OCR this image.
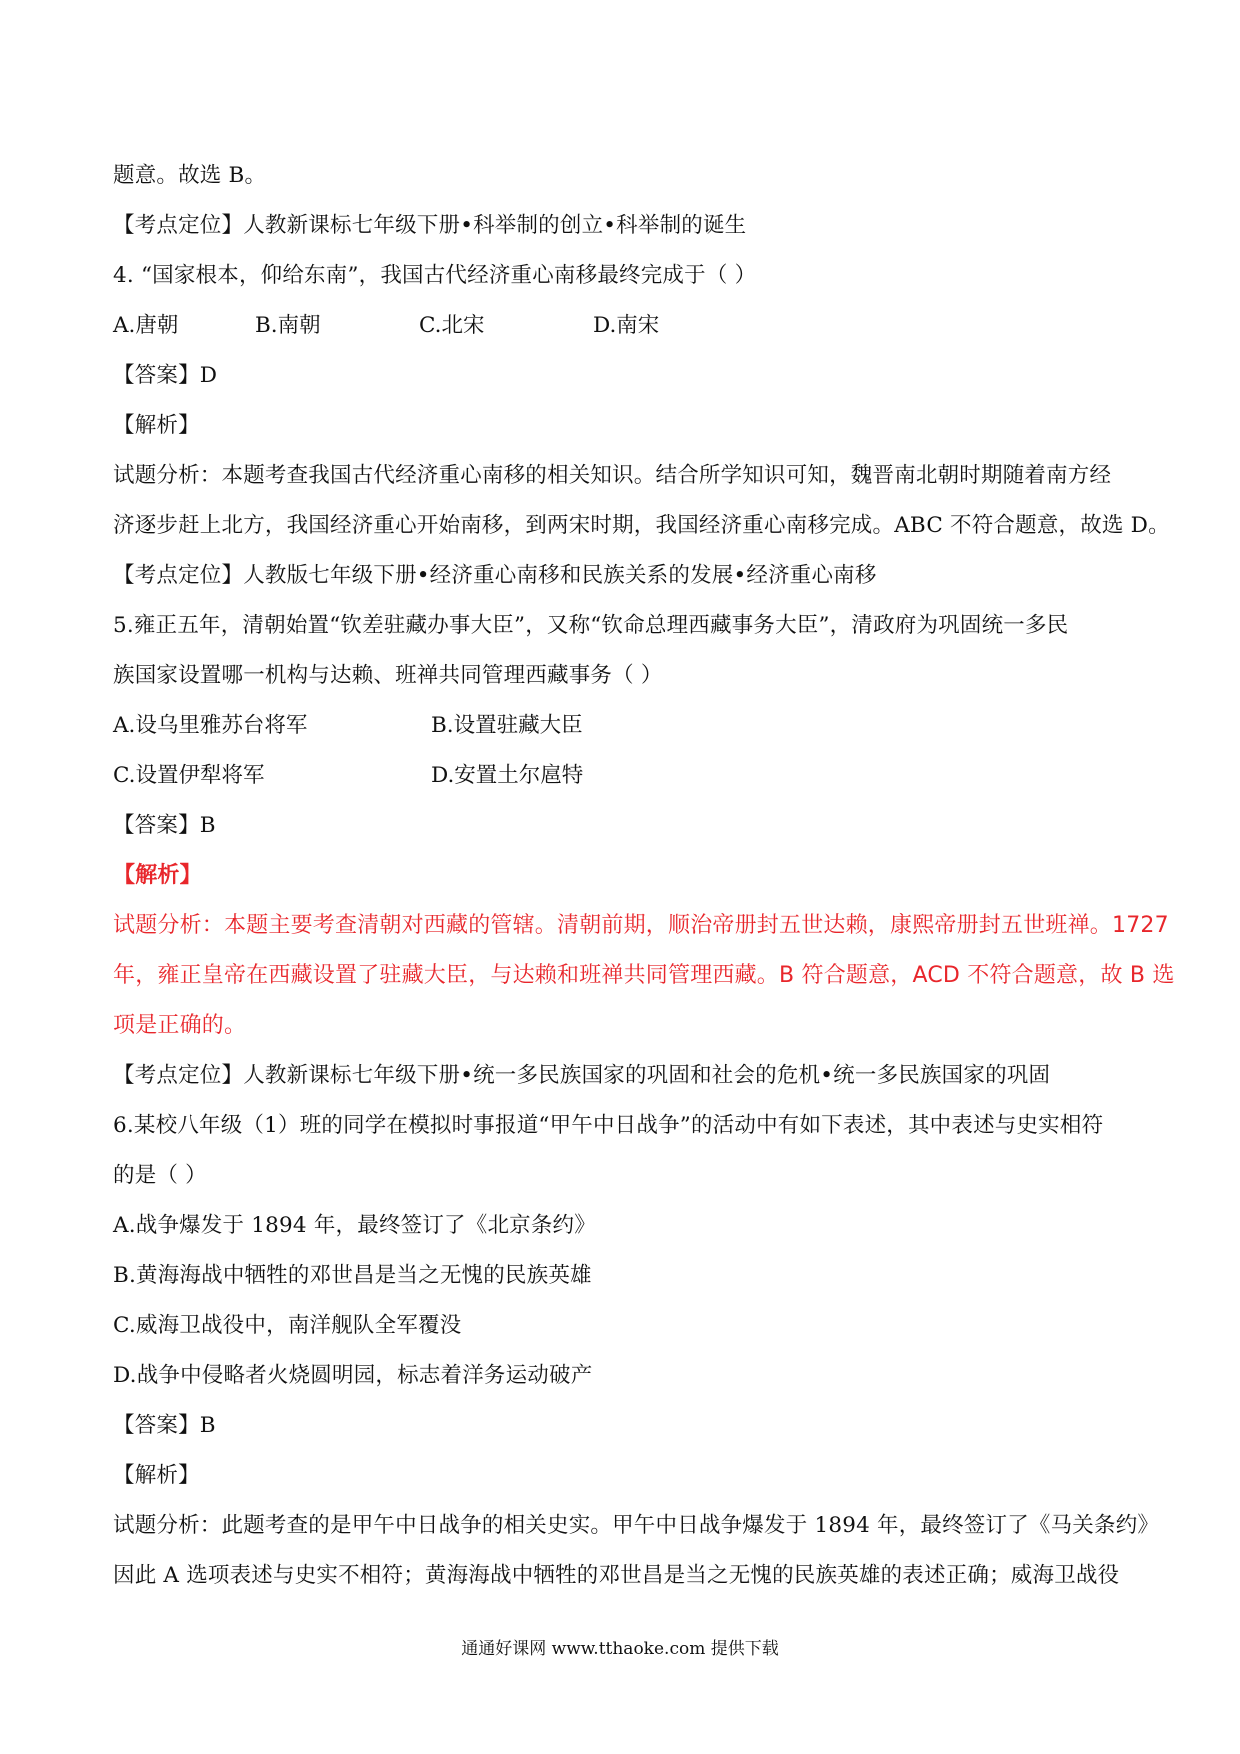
题意。故选 B。
【考点定位】人教新课标七年级下册•科举制的创立•科举制的诞生
4. “国家根本，仰给东南”，我国古代经济重心南移最终完成于（ ）
A.唐朝	B.南朝	C.北宋	D.南宋
【答案】D
【解析】
试题分析：本题考查我国古代经济重心南移的相关知识。结合所学知识可知，魏晋南北朝时期随着南方经
济逐步赶上北方，我国经济重心开始南移，到两宋时期，我国经济重心南移完成。ABC 不符合题意，故选 D。
【考点定位】人教版七年级下册•经济重心南移和民族关系的发展•经济重心南移
5.雍正五年，清朝始置“钦差驻藏办事大臣”，又称“钦命总理西藏事务大臣”，清政府为巩固统一多民
族国家设置哪一机构与达赖、班禅共同管理西藏事务（ ）
A.设乌里雅苏台将军	B.设置驻藏大臣
C.设置伊犁将军	D.安置土尔扈特
【答案】B
【解析】
试题分析：本题主要考查清朝对西藏的管辖。清朝前期，顺治帝册封五世达赖，康熙帝册封五世班禅。1727
年，雍正皇帝在西藏设置了驻藏大臣，与达赖和班禅共同管理西藏。B 符合题意，ACD 不符合题意，故 B 选
项是正确的。
【考点定位】人教新课标七年级下册•统一多民族国家的巩固和社会的危机•统一多民族国家的巩固
6.某校八年级（1）班的同学在模拟时事报道“甲午中日战争”的活动中有如下表述，其中表述与史实相符
的是（ ）
A.战争爆发于 1894 年，最终签订了《北京条约》
B.黄海海战中牺牲的邓世昌是当之无愧的民族英雄
C.威海卫战役中，南洋舰队全军覆没
D.战争中侵略者火烧圆明园，标志着洋务运动破产
【答案】B
【解析】
试题分析：此题考查的是甲午中日战争的相关史实。甲午中日战争爆发于 1894 年，最终签订了《马关条约》
因此 A 选项表述与史实不相符；黄海海战中牺牲的邓世昌是当之无愧的民族英雄的表述正确；威海卫战役
通通好课网 www.tthaoke.com 提供下载
